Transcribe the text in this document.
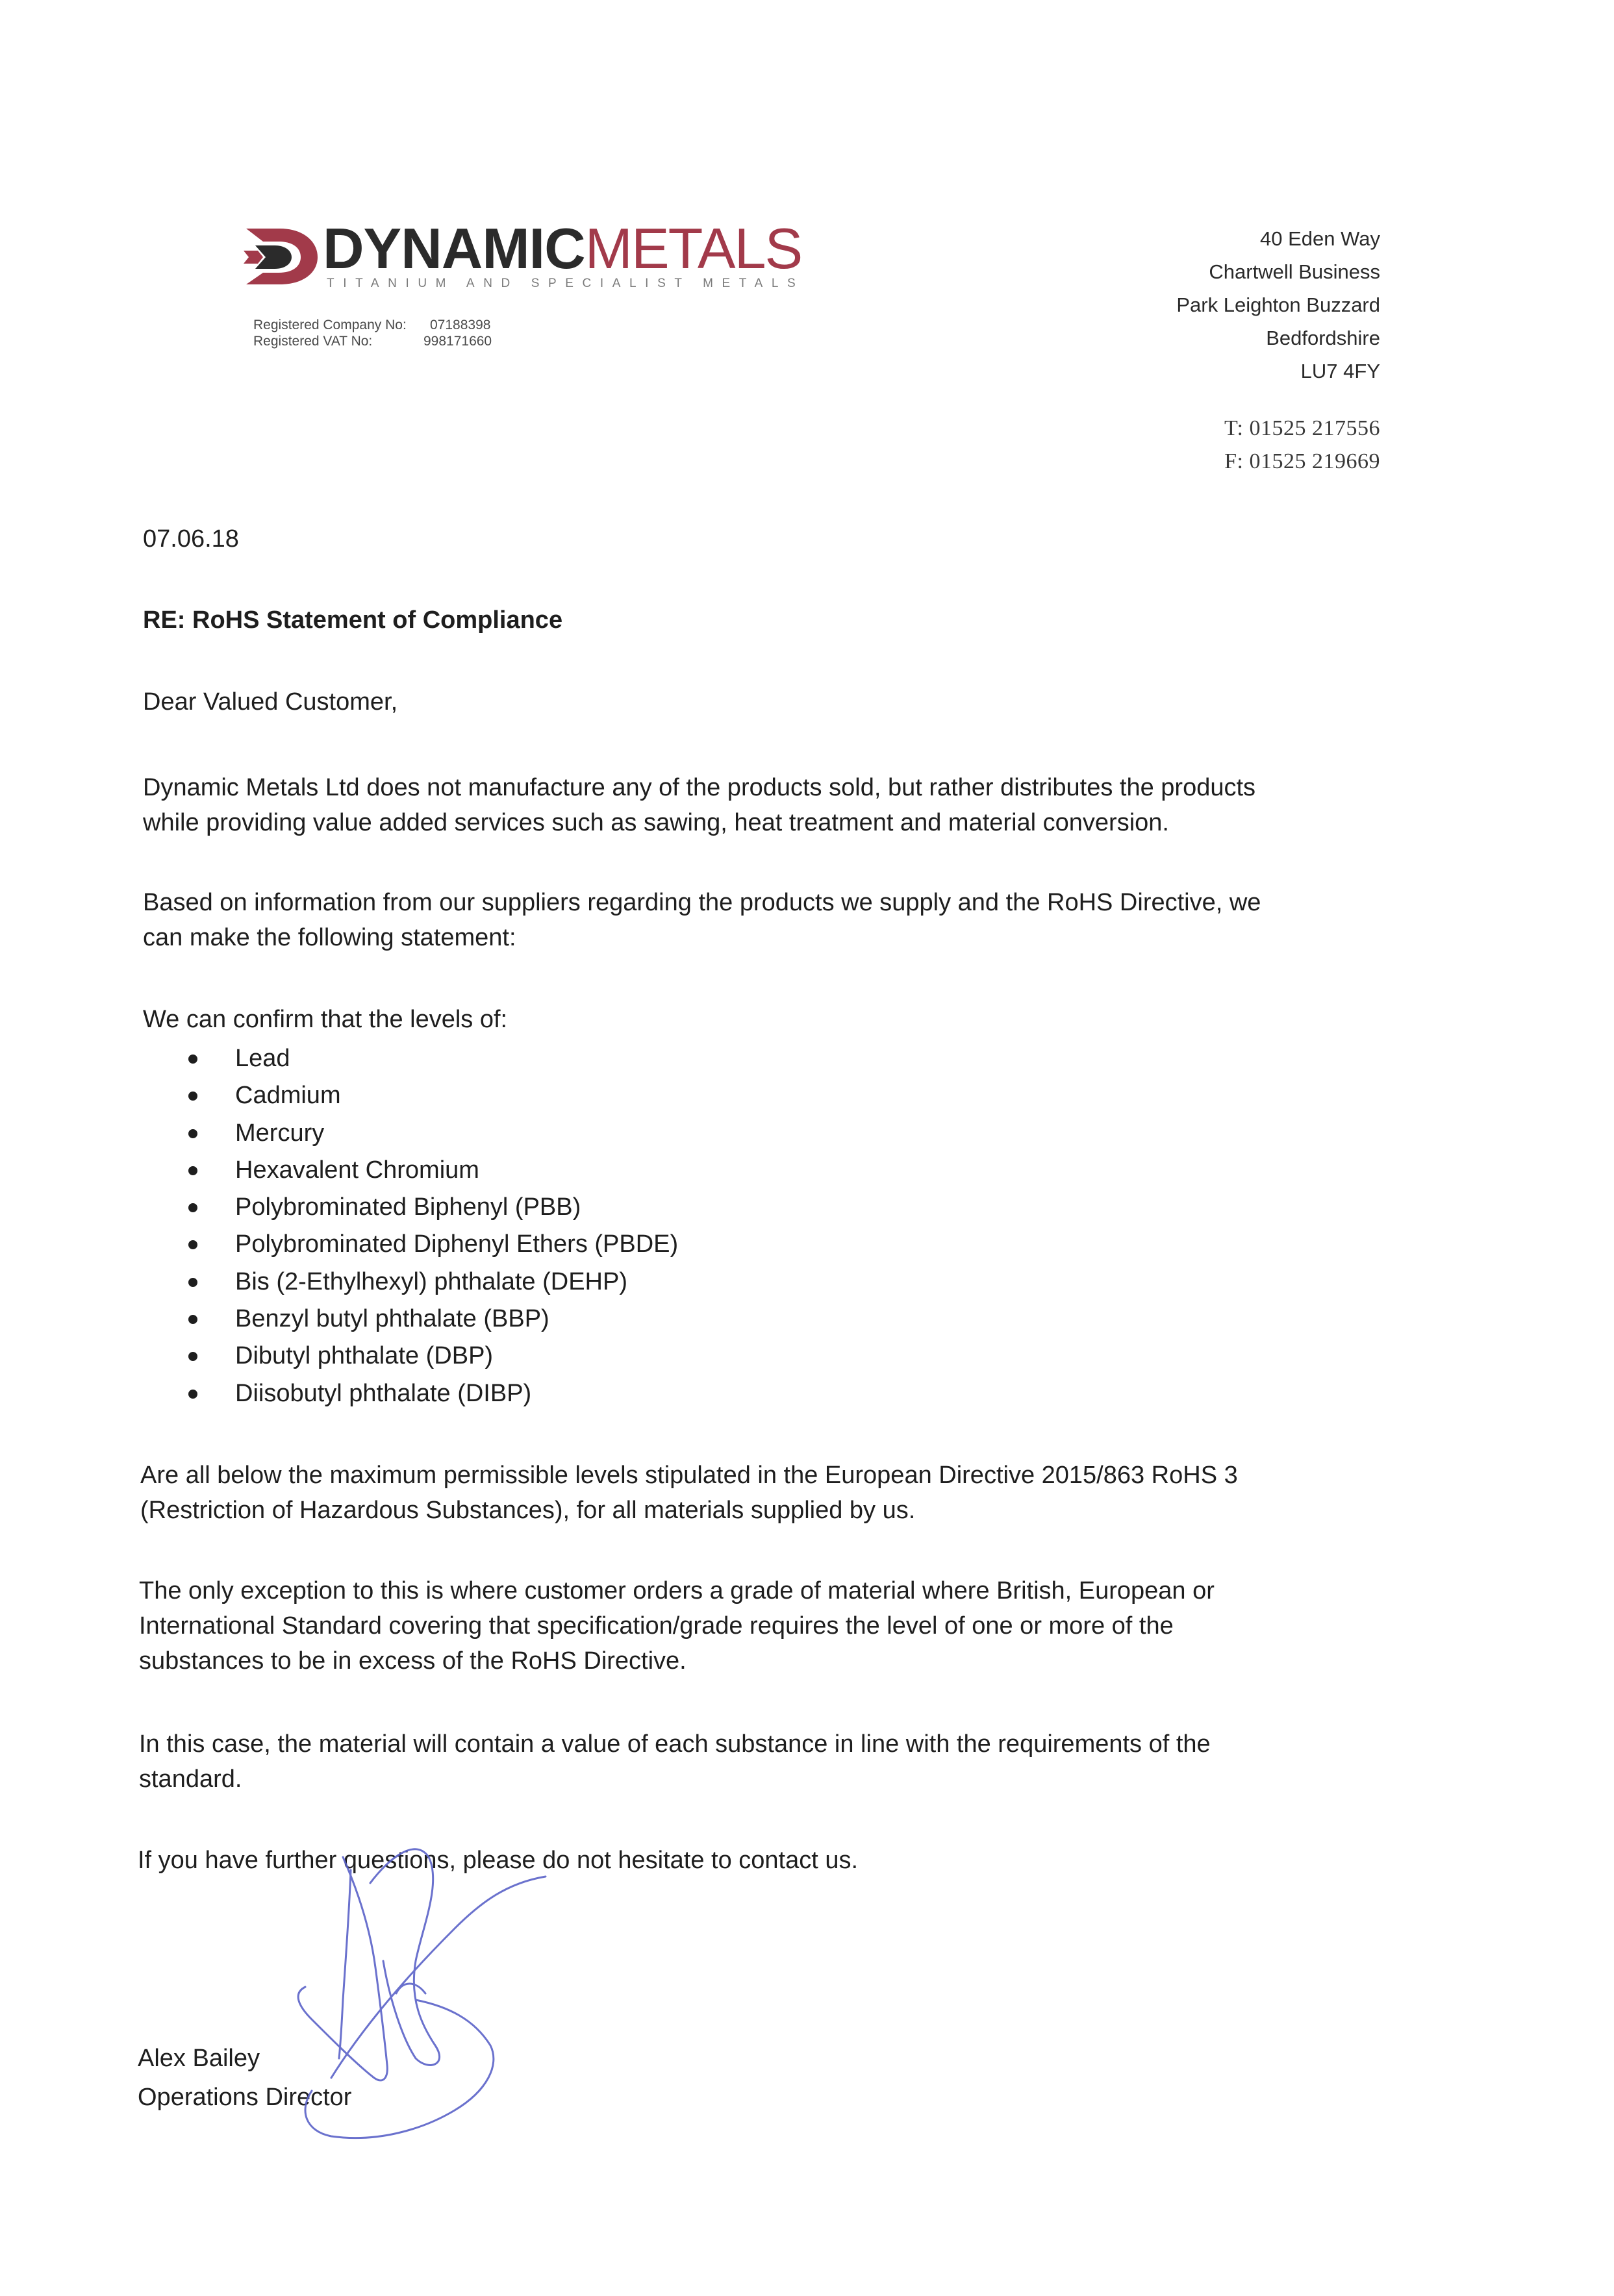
DYNAMICMETALS
TITANIUM AND SPECIALIST METALS
Registered Company No: 07188398
Registered VAT No:	998171660
40 Eden Way
Chartwell Business
Park Leighton Buzzard
Bedfordshire
LU7 4FY
T: 01525 217556
F: 01525 219669
07.06.18
RE: RoHS Statement of Compliance
Dear Valued Customer,
Dynamic Metals Ltd does not manufacture any of the products sold, but rather distributes the products
while providing value added services such as sawing, heat treatment and material conversion.
Based on information from our suppliers regarding the products we supply and the RoHS Directive, we
can make the following statement:
We can confirm that the levels of:
Lead
Cadmium
Mercury
Hexavalent Chromium
Polybrominated Biphenyl (PBB)
Polybrominated Diphenyl Ethers (PBDE)
Bis (2-Ethylhexyl) phthalate (DEHP)
Benzyl butyl phthalate (BBP)
Dibutyl phthalate (DBP)
Diisobutyl phthalate (DIBP)
Are all below the maximum permissible levels stipulated in the European Directive 2015/863 RoHS 3
(Restriction of Hazardous Substances), for all materials supplied by us.
The only exception to this is where customer orders a grade of material where British, European or
International Standard covering that specification/grade requires the level of one or more of the
substances to be in excess of the RoHS Directive.
In this case, the material will contain a value of each substance in line with the requirements of the
standard.
If you have further questions, please do not hesitate to contact us.
Alex Bailey
Operations Director
